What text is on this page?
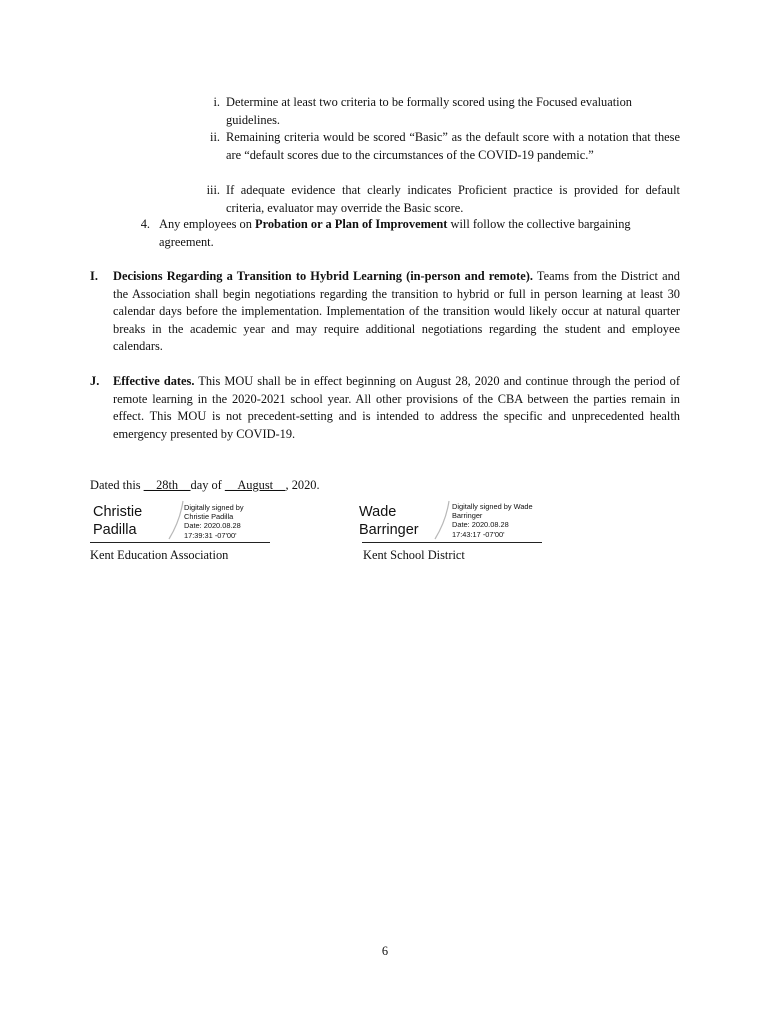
i. Determine at least two criteria to be formally scored using the Focused evaluation guidelines.
ii. Remaining criteria would be scored “Basic” as the default score with a notation that these are “default scores due to the circumstances of the COVID-19 pandemic.”
iii. If adequate evidence that clearly indicates Proficient practice is provided for default criteria, evaluator may override the Basic score.
4. Any employees on Probation or a Plan of Improvement will follow the collective bargaining agreement.
I. Decisions Regarding a Transition to Hybrid Learning (in-person and remote). Teams from the District and the Association shall begin negotiations regarding the transition to hybrid or full in person learning at least 30 calendar days before the implementation. Implementation of the transition would likely occur at natural quarter breaks in the academic year and may require additional negotiations regarding the student and employee calendars.
J. Effective dates. This MOU shall be in effect beginning on August 28, 2020 and continue through the period of remote learning in the 2020-2021 school year. All other provisions of the CBA between the parties remain in effect. This MOU is not precedent-setting and is intended to address the specific and unprecedented health emergency presented by COVID-19.
Dated this __28th__day of __August__, 2020.
Christie
Padilla
Digitally signed by
Christie Padilla
Date: 2020.08.28
17:39:31 -07'00'
Kent Education Association
Wade
Barringer
Digitally signed by Wade
Barringer
Date: 2020.08.28
17:43:17 -07'00'
Kent School District
6
